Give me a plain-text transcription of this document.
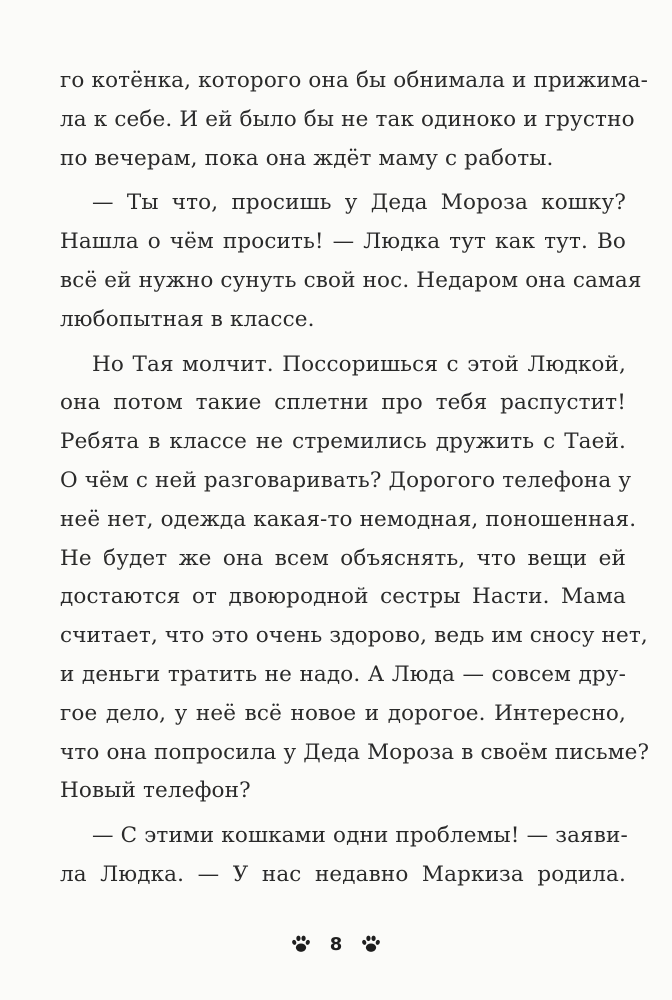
го котёнка, которого она бы обнимала и прижима-
ла к себе. И ей было бы не так одиноко и грустно
по вечерам, пока она ждёт маму с работы.

— Ты что, просишь у Деда Мороза кошку?
Нашла о чём просить! — Людка тут как тут. Во
всё ей нужно сунуть свой нос. Недаром она самая
любопытная в классе.

Но Тая молчит. Поссоришься с этой Людкой,
она потом такие сплетни про тебя распустит!
Ребята в классе не стремились дружить с Таей.
О чём с ней разговаривать? Дорогого телефона у
неё нет, одежда какая-то немодная, поношенная.
Не будет же она всем объяснять, что вещи ей
достаются от двоюродной сестры Насти. Мама
считает, что это очень здорово, ведь им сносу нет,
и деньги тратить не надо. А Люда — совсем дру-
гое дело, у неё всё новое и дорогое. Интересно,
что она попросила у Деда Мороза в своём письме?
Новый телефон?

— С этими кошками одни проблемы! — заяви-
ла Людка. — У нас недавно Маркиза родила.

8
